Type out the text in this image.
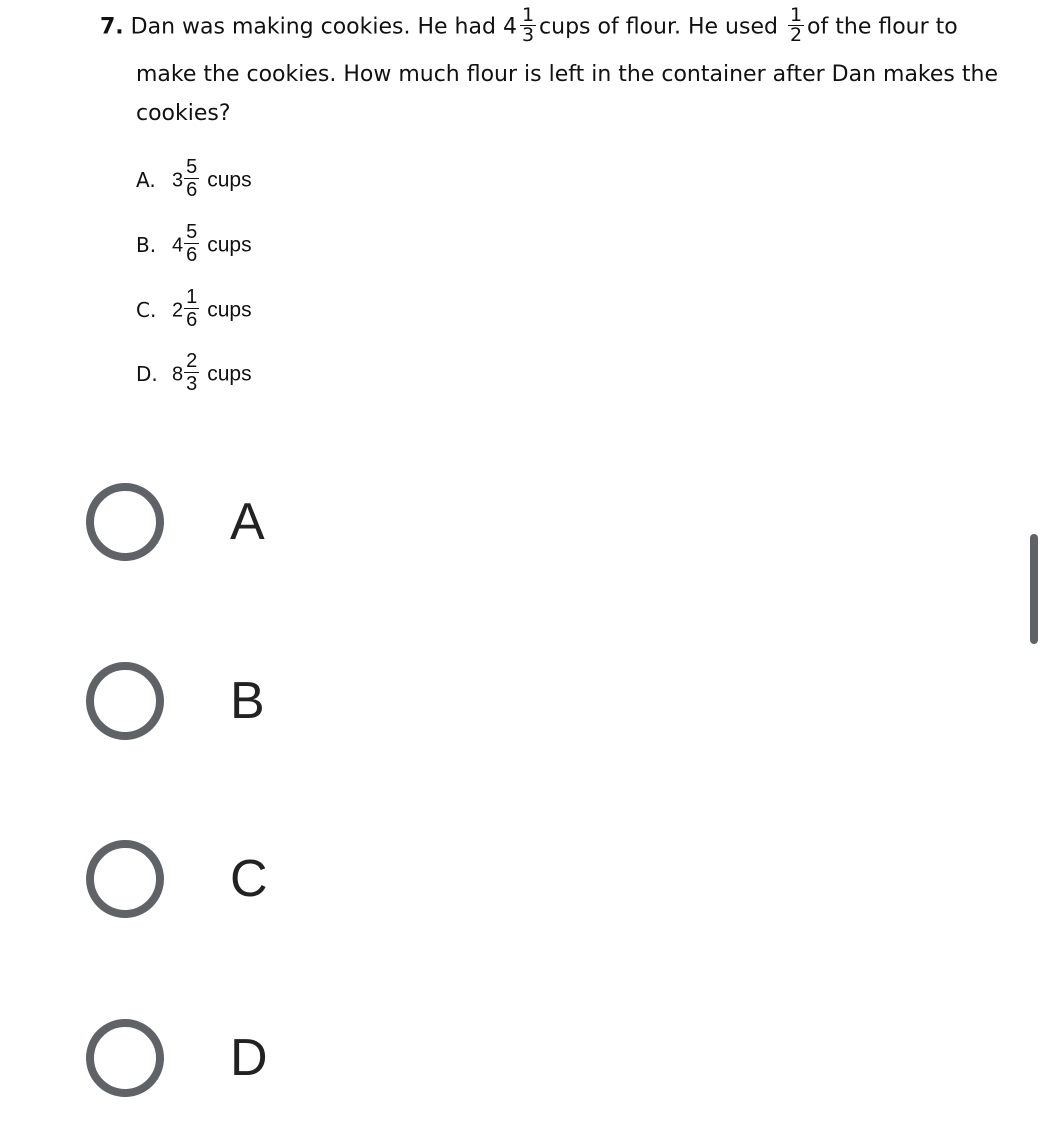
7. Dan was making cookies. He had $4 \frac{1}{3}$ cups of flour. He used $\frac{1}{2}$ of the flour to
make the cookies. How much flour is left in the container after Dan makes the
cookies?
A. $3 \frac{5}{6}$ cups
B. $4 \frac{5}{6}$ cups
C. $2 \frac{1}{6}$ cups
D. $8 \frac{2}{3}$ cups
A
B
C
D
